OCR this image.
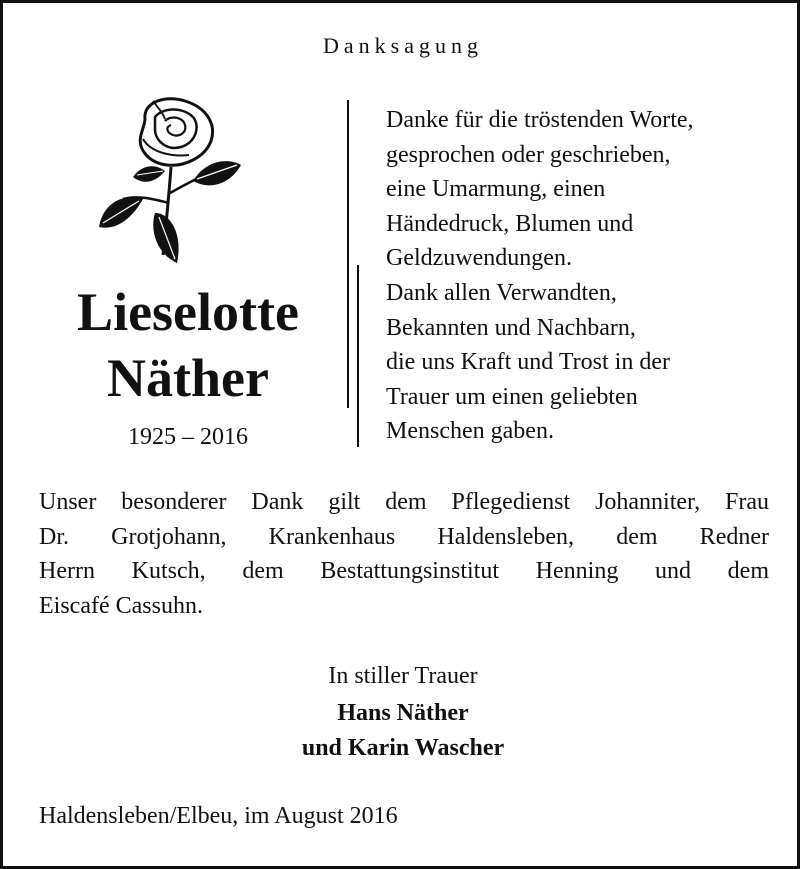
Danksagung
Lieselotte
Näther
1925 – 2016
Danke für die tröstenden Worte,
gesprochen oder geschrieben,
eine Umarmung, einen
Händedruck, Blumen und
Geldzuwendungen.
Dank allen Verwandten,
Bekannten und Nachbarn,
die uns Kraft und Trost in der
Trauer um einen geliebten
Menschen gaben.
Unser besonderer Dank gilt dem Pflegedienst Johanniter, Frau
Dr. Grotjohann, Krankenhaus Haldensleben, dem Redner
Herrn Kutsch, dem Bestattungsinstitut Henning und dem
Eiscafé Cassuhn.
In stiller Trauer
Hans Näther
und Karin Wascher
Haldensleben/Elbeu, im August 2016
